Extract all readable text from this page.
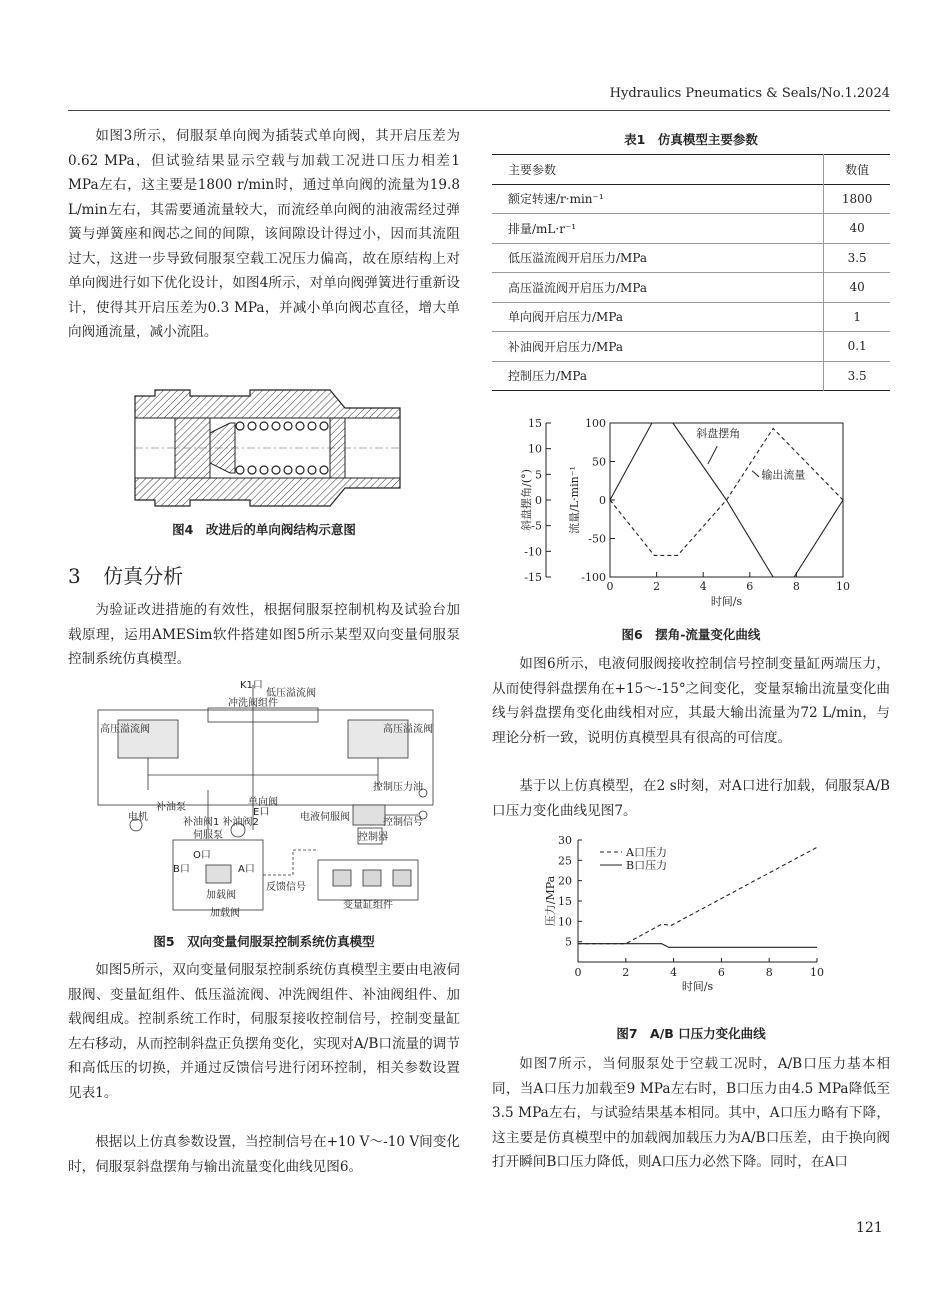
Hydraulics Pneumatics & Seals/No.1.2024

如图3所示，伺服泵单向阀为插装式单向阀，其开启压差为0.62 MPa，但试验结果显示空载与加载工况进口压力相差1 MPa左右，这主要是1800 r/min时，通过单向阀的流量为19.8 L/min左右，其需要通流量较大，而流经单向阀的油液需经过弹簧与弹簧座和阀芯之间的间隙，该间隙设计得过小，因而其流阻过大，这进一步导致伺服泵空载工况压力偏高，故在原结构上对单向阀进行如下优化设计，如图4所示，对单向阀弹簧进行重新设计，使得其开启压差为0.3 MPa，并减小单向阀芯直径，增大单向阀通流量，减小流阻。

图4　改进后的单向阀结构示意图
3 仿真分析

为验证改进措施的有效性，根据伺服泵控制机构及试验台加载原理，运用AMESim软件搭建如图5所示某型双向变量伺服泵控制系统仿真模型。

K1口
低压溢流阀
冲洗阀组件
高压溢流阀	高压溢流阀
单向阀
电机
补油泵	E口
补油阀1 补油阀2
伺服泵
O口
B口	A口
加载阀
加载阀
反馈信号
变量缸组件
电液伺服阀
控制器
控制压力油
控制信号
图5　双向变量伺服泵控制系统仿真模型

如图5所示，双向变量伺服泵控制系统仿真模型主要由电液伺服阀、变量缸组件、低压溢流阀、冲洗阀组件、补油阀组件、加载阀组成。控制系统工作时，伺服泵接收控制信号，控制变量缸左右移动，从而控制斜盘正负摆角变化，实现对A/B口流量的调节和高低压的切换，并通过反馈信号进行闭环控制，相关参数设置见表1。

根据以上仿真参数设置，当控制信号在+10 V～-10 V间变化时，伺服泵斜盘摆角与输出流量变化曲线见图6。

表1　仿真模型主要参数
主要参数	数值
额定转速/r·min⁻¹	1800
排量/mL·r⁻¹	40
低压溢流阀开启压力/MPa	3.5
高压溢流阀开启压力/MPa	40
单向阀开启压力/MPa	1
补油阀开启压力/MPa	0.1
控制压力/MPa	3.5
15
10
5
0
-5
-10
-15
100
50
0
-50
-100
0	2	4	6	8	10
时间/s
斜盘摆角/(°)	流量/L·min⁻¹
斜盘摆角
输出流量
图6　摆角-流量变化曲线

如图6所示，电液伺服阀接收控制信号控制变量缸两端压力，从而使得斜盘摆角在+15～-15°之间变化，变量泵输出流量变化曲线与斜盘摆角变化曲线相对应，其最大输出流量为72 L/min，与理论分析一致，说明仿真模型具有很高的可信度。

基于以上仿真模型，在2 s时刻，对A口进行加载，伺服泵A/B口压力变化曲线见图7。

5
10
15
20
25
30
0	2	4	6	8	10
时间/s
压力/MPa
A口压力
B口压力
图7　A/B 口压力变化曲线

如图7所示，当伺服泵处于空载工况时，A/B口压力基本相同，当A口压力加载至9 MPa左右时，B口压力由4.5 MPa降低至3.5 MPa左右，与试验结果基本相同。其中，A口压力略有下降，这主要是仿真模型中的加载阀加载压力为A/B口压差，由于换向阀打开瞬间B口压力降低，则A口压力必然下降。同时，在A口

121
